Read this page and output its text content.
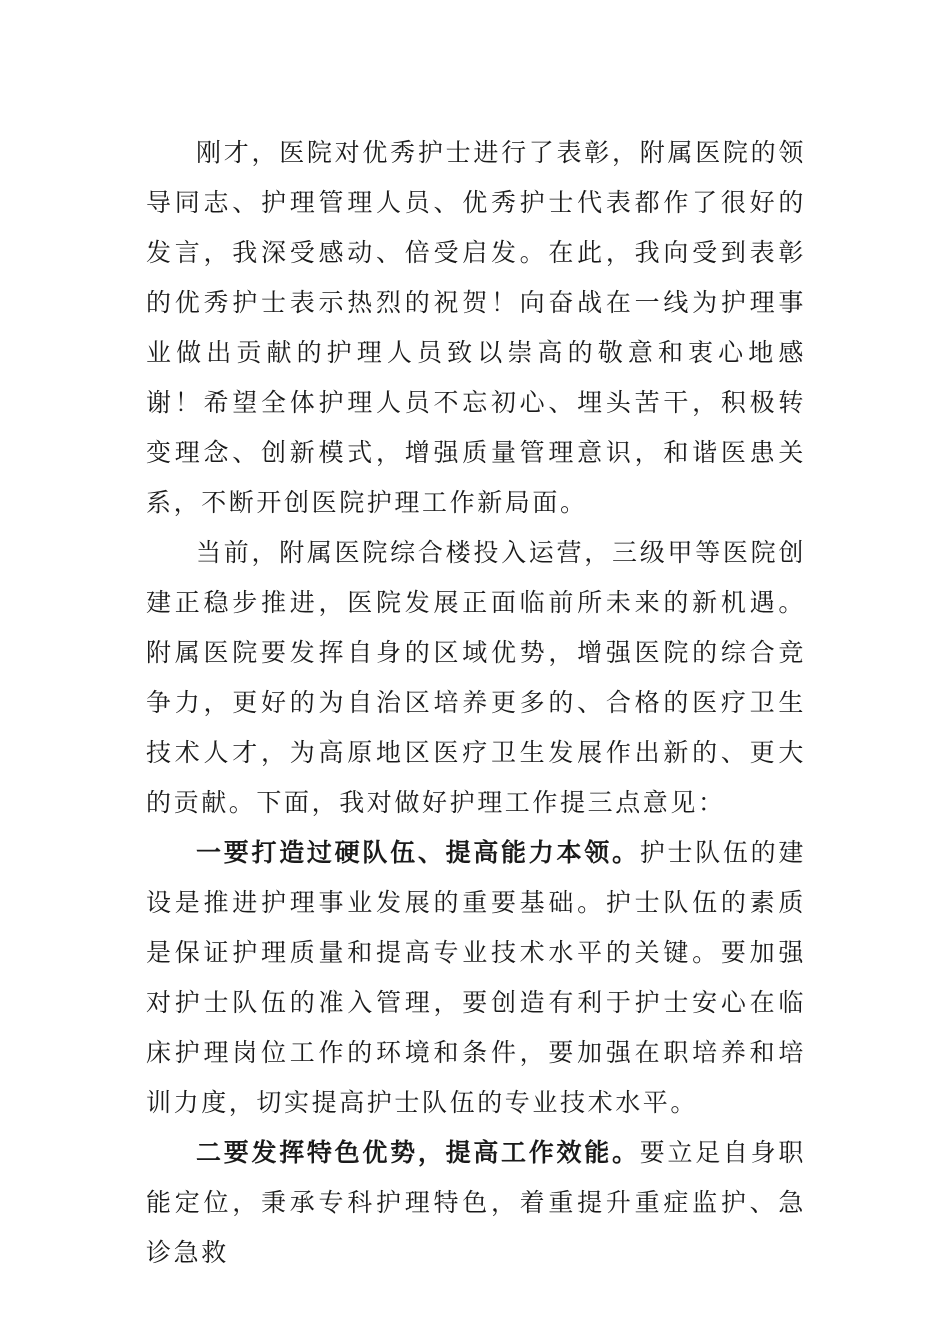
刚才，医院对优秀护士进行了表彰，附属医院的领导同志、护理管理人员、优秀护士代表都作了很好的发言，我深受感动、倍受启发。在此，我向受到表彰的优秀护士表示热烈的祝贺！向奋战在一线为护理事业做出贡献的护理人员致以崇高的敬意和衷心地感谢！希望全体护理人员不忘初心、埋头苦干，积极转变理念、创新模式，增强质量管理意识，和谐医患关系，不断开创医院护理工作新局面。

当前，附属医院综合楼投入运营，三级甲等医院创建正稳步推进，医院发展正面临前所未来的新机遇。附属医院要发挥自身的区域优势，增强医院的综合竞争力，更好的为自治区培养更多的、合格的医疗卫生技术人才，为高原地区医疗卫生发展作出新的、更大的贡献。下面，我对做好护理工作提三点意见：

一要打造过硬队伍、提高能力本领。护士队伍的建设是推进护理事业发展的重要基础。护士队伍的素质是保证护理质量和提高专业技术水平的关键。要加强对护士队伍的准入管理，要创造有利于护士安心在临床护理岗位工作的环境和条件，要加强在职培养和培训力度，切实提高护士队伍的专业技术水平。

二要发挥特色优势，提高工作效能。要立足自身职能定位，秉承专科护理特色，着重提升重症监护、急诊急救
